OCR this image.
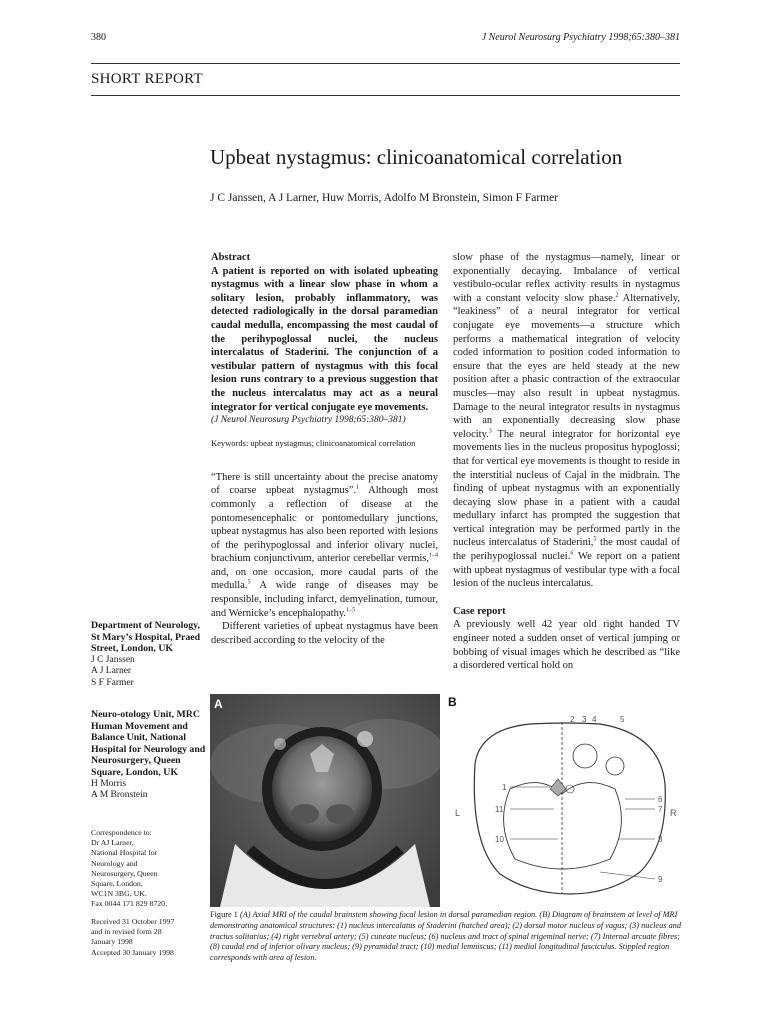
380	J Neurol Neurosurg Psychiatry 1998;65:380–381
SHORT REPORT
Upbeat nystagmus: clinicoanatomical correlation
J C Janssen, A J Larner, Huw Morris, Adolfo M Bronstein, Simon F Farmer
Abstract
A patient is reported on with isolated upbeating nystagmus with a linear slow phase in whom a solitary lesion, probably inflammatory, was detected radiologically in the dorsal paramedian caudal medulla, encompassing the most caudal of the perihypoglossal nuclei, the nucleus intercalatus of Staderini. The conjunction of a vestibular pattern of nystagmus with this focal lesion runs contrary to a previous suggestion that the nucleus intercalatus may act as a neural integrator for vertical conjugate eye movements.
(J Neurol Neurosurg Psychiatry 1998;65:380–381)
Keywords: upbeat nystagmus; clinicoanatomical correlation
“There is still uncertainty about the precise anatomy of coarse upbeat nystagmus”.$^1$ Although most commonly a reflection of disease at the pontomesencephalic or pontomedullary junctions, upbeat nystagmus has also been reported with lesions of the perihypoglossal and inferior olivary nuclei, brachium conjunctivum, anterior cerebellar vermis,$^{1-4}$ and, on one occasion, more caudal parts of the medulla.$^5$ A wide range of diseases may be responsible, including infarct, demyelination, tumour, and Wernicke’s encephalopathy.$^{1-5}$
Different varieties of upbeat nystagmus have been described according to the velocity of the
slow phase of the nystagmus—namely, linear or exponentially decaying. Imbalance of vertical vestibulo-ocular reflex activity results in nystagmus with a constant velocity slow phase.$^2$ Alternatively, “leakiness” of a neural integrator for vertical conjugate eye movements—a structure which performs a mathematical integration of velocity coded information to position coded information to ensure that the eyes are held steady at the new position after a phasic contraction of the extraocular muscles—may also result in upbeat nystagmus. Damage to the neural integrator results in nystagmus with an exponentially decreasing slow phase velocity.$^3$ The neural integrator for horizontal eye movements lies in the nucleus propositus hypoglossi; that for vertical eye movements is thought to reside in the interstitial nucleus of Cajal in the midbrain. The finding of upbeat nystagmus with an exponentially decaying slow phase in a patient with a caudal medullary infarct has prompted the suggestion that vertical integration may be performed partly in the nucleus intercalatus of Staderini,$^5$ the most caudal of the perihypoglossal nuclei.$^6$ We report on a patient with upbeat nystagmus of vestibular type with a focal lesion of the nucleus intercalatus.
Case report
A previously well 42 year old right handed TV engineer noted a sudden onset of vertical jumping or bobbing of visual images which he described as “like a disordered vertical hold on
Department of Neurology, St Mary’s Hospital, Praed Street, London, UK
J C Janssen
A J Larner
S F Farmer
Neuro-otology Unit, MRC Human Movement and Balance Unit, National Hospital for Neurology and Neurosurgery, Queen Square, London, UK
H Morris
A M Bronstein
Correspondence to:
Dr AJ Larner,
National Hospital for
Neurology and
Neurosurgery, Queen
Square, London,
WC1N 3BG, UK.
Fax 0044 171 829 8720.
Received 31 October 1997
and in revised form 28
January 1998
Accepted 30 January 1998
A
1
2 3 4	5
6
7
8
9
10
11
L	R
B
Figure 1 (A) Axial MRI of the caudal brainstem showing focal lesion in dorsal paramedian region. (B) Diagram of brainstem at level of MRI demonstrating anatomical structures: (1) nucleus intercalatus of Staderini (hatched area); (2) dorsal motor nucleus of vagus; (3) nucleus and tractus solitarius; (4) right vertebral artery; (5) cuneate nucleus; (6) nucleus and tract of spinal trigeminal nerve; (7) Internal arcuate fibres; (8) caudal end of inferior olivary nucleus; (9) pyramidal tract; (10) medial lemniscus; (11) medial longitudinal fasciculus. Stippled region corresponds with area of lesion.
